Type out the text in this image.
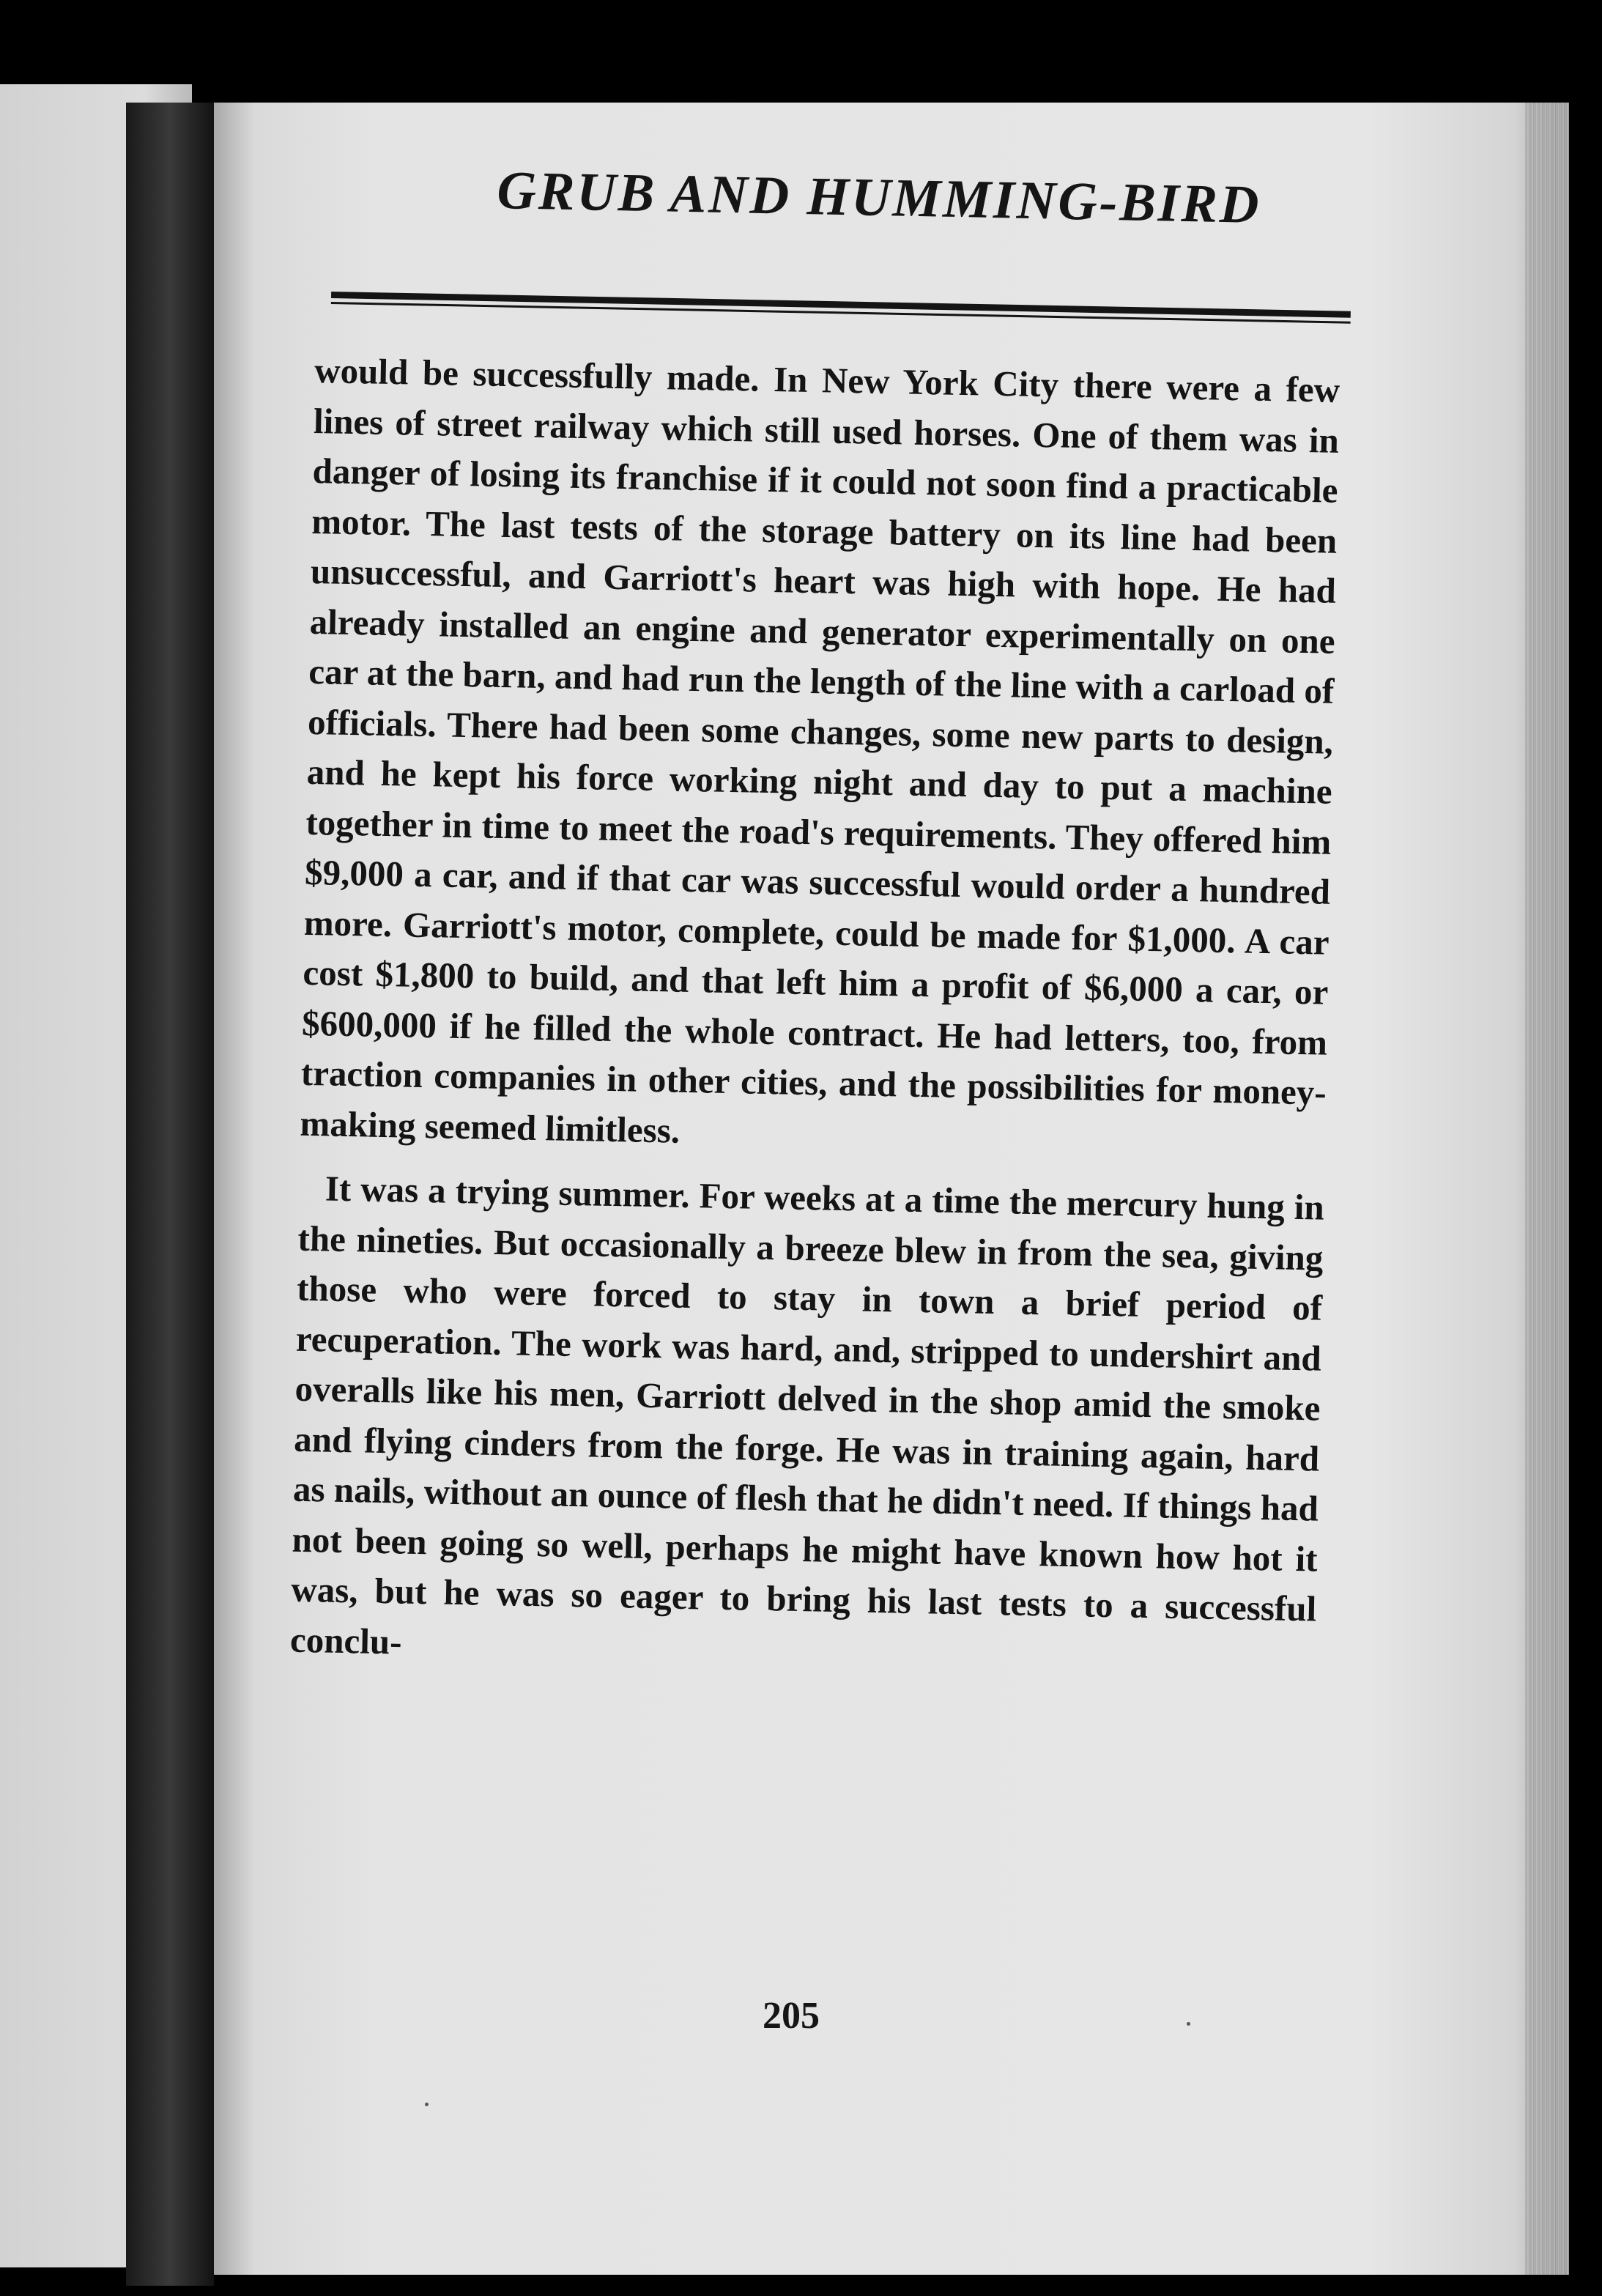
GRUB AND HUMMING-BIRD

would be successfully made. In New York City there were a few lines of street railway which still used horses. One of them was in danger of losing its franchise if it could not soon find a practicable motor. The last tests of the storage battery on its line had been unsuccessful, and Garriott's heart was high with hope. He had already installed an engine and generator experimentally on one car at the barn, and had run the length of the line with a carload of officials. There had been some changes, some new parts to design, and he kept his force working night and day to put a machine together in time to meet the road's requirements. They offered him $9,000 a car, and if that car was successful would order a hundred more. Garriott's motor, complete, could be made for $1,000. A car cost $1,800 to build, and that left him a profit of $6,000 a car, or $600,000 if he filled the whole contract. He had letters, too, from traction companies in other cities, and the possibilities for money-making seemed limitless.

It was a trying summer. For weeks at a time the mercury hung in the nineties. But occasionally a breeze blew in from the sea, giving those who were forced to stay in town a brief period of recuperation. The work was hard, and, stripped to undershirt and overalls like his men, Garriott delved in the shop amid the smoke and flying cinders from the forge. He was in training again, hard as nails, without an ounce of flesh that he didn't need. If things had not been going so well, perhaps he might have known how hot it was, but he was so eager to bring his last tests to a successful conclu-

205
